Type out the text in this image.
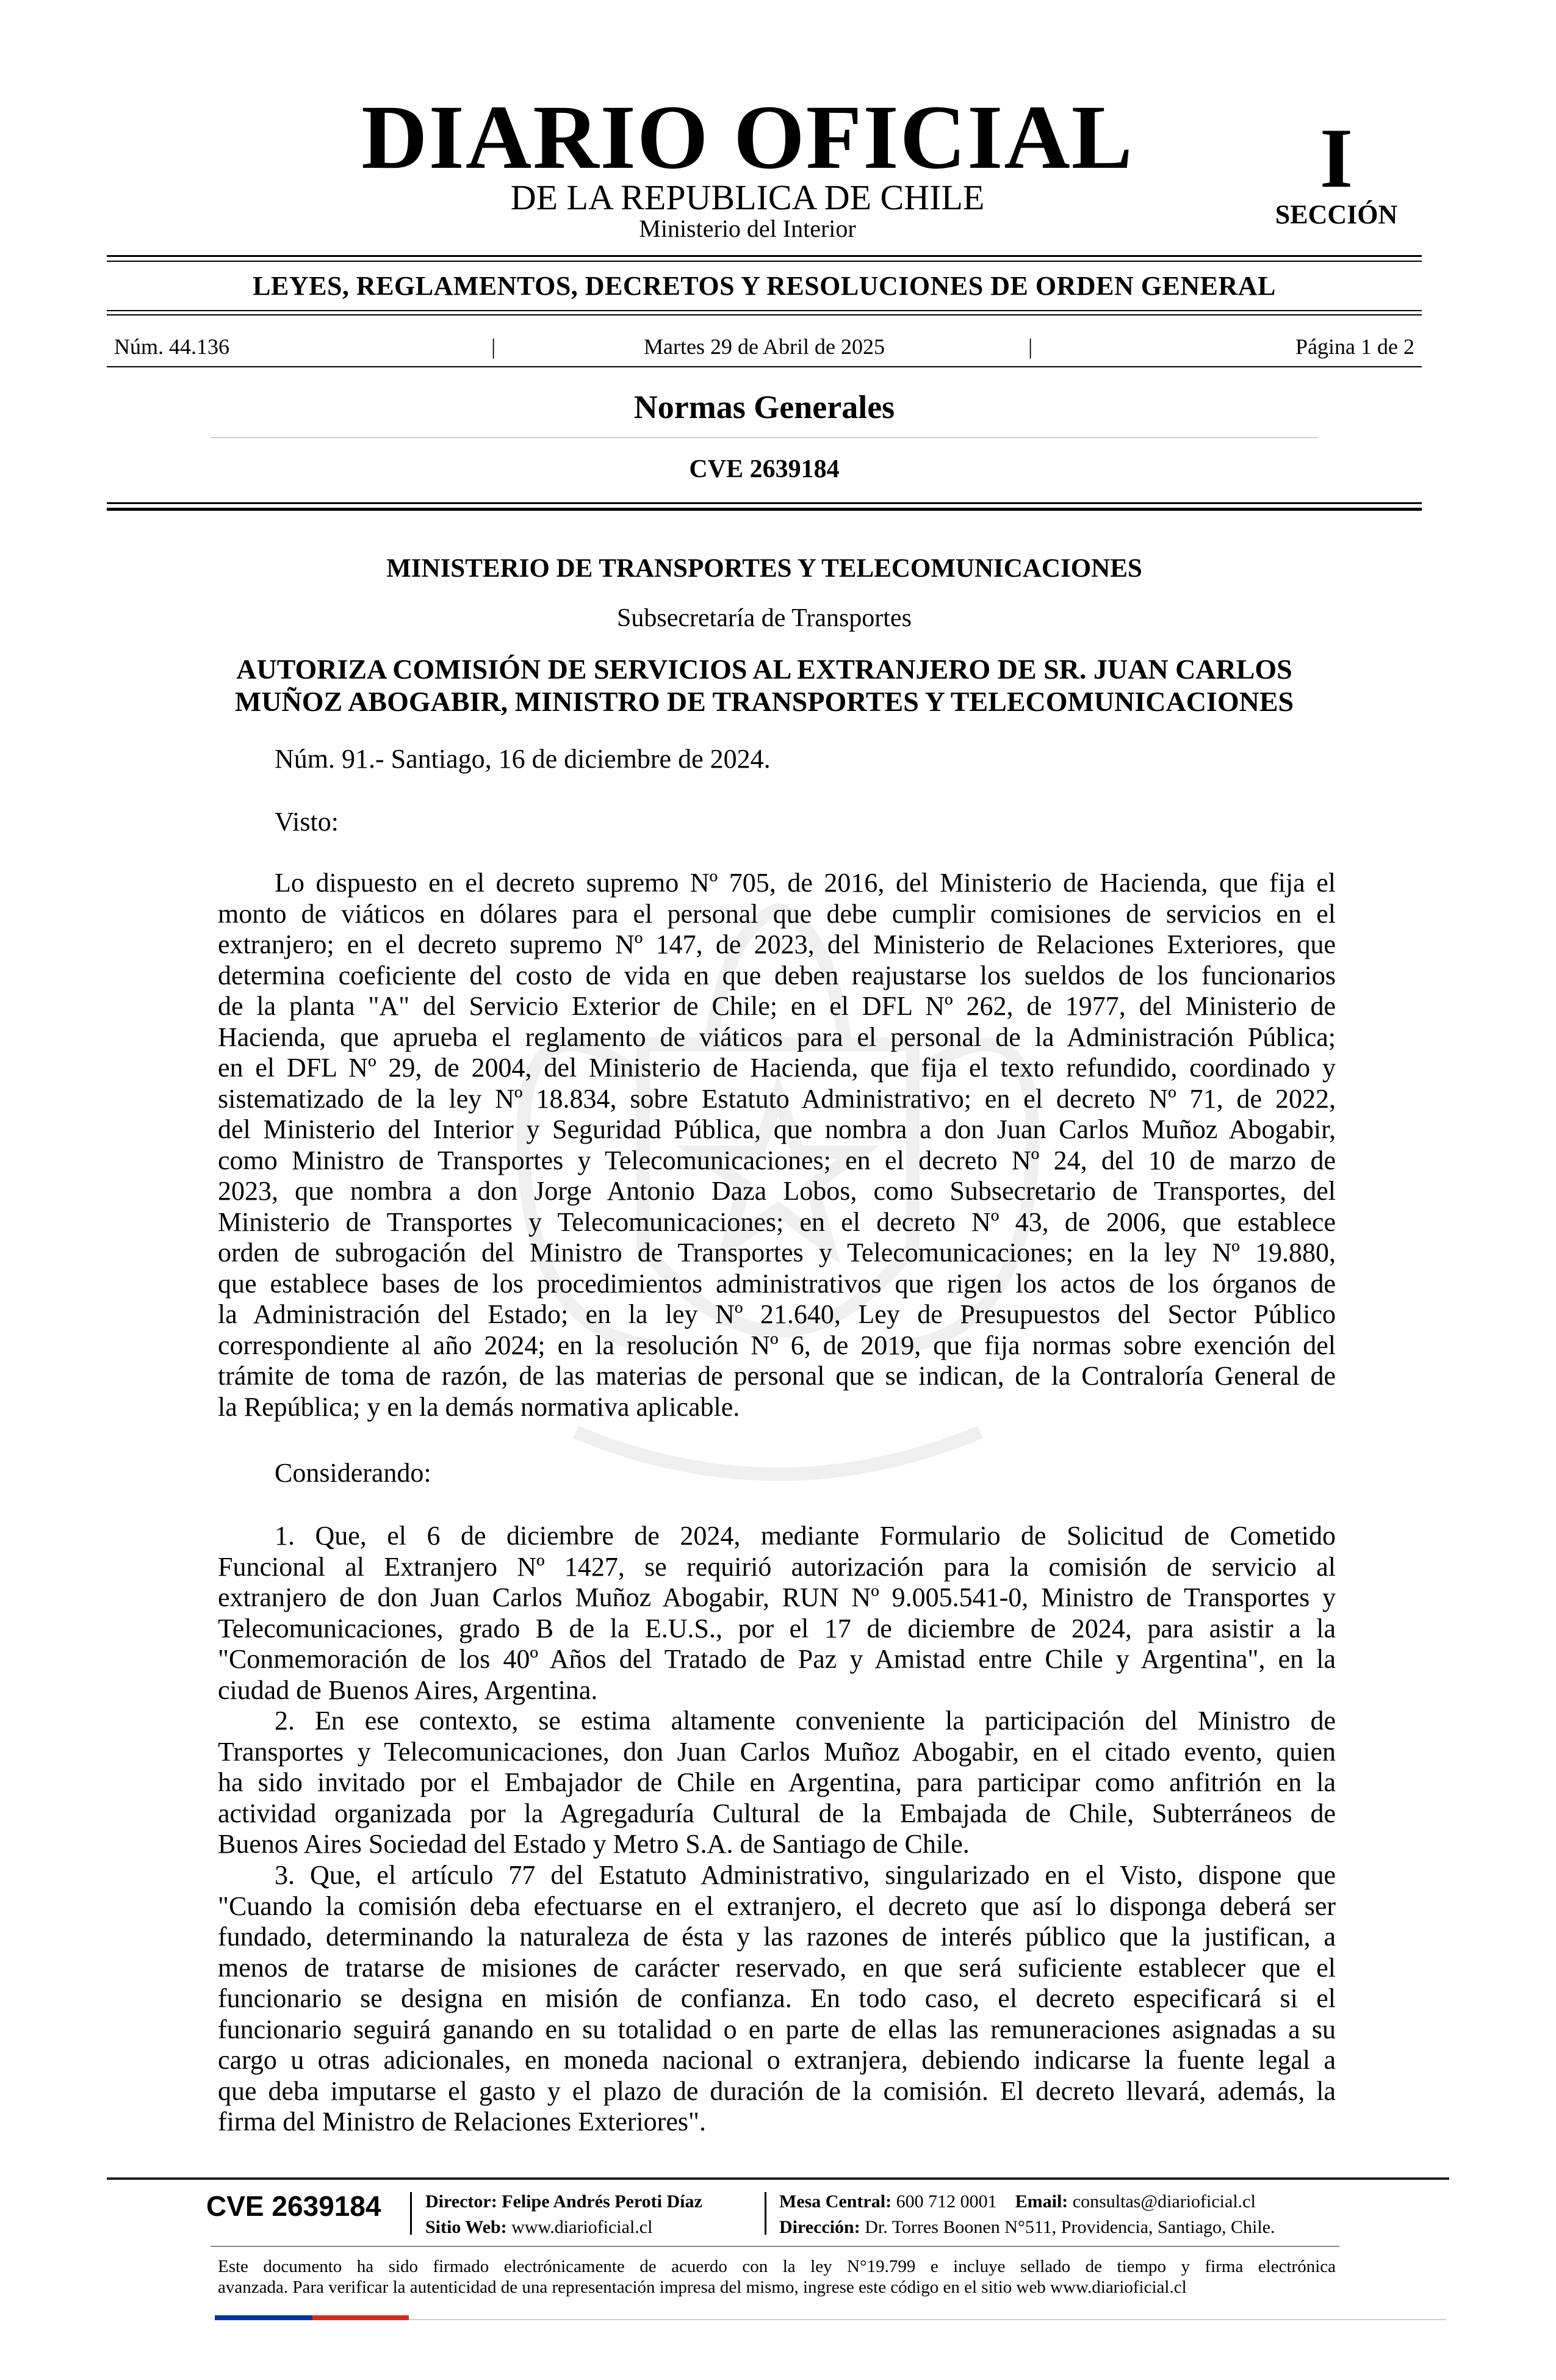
DIARIO OFICIAL
DE LA REPUBLICA DE CHILE
Ministerio del Interior
I
SECCIÓN
LEYES, REGLAMENTOS, DECRETOS Y RESOLUCIONES DE ORDEN GENERAL
Núm. 44.136	|	Martes 29 de Abril de 2025	|	Página 1 de 2
Normas Generales
CVE 2639184
MINISTERIO DE TRANSPORTES Y TELECOMUNICACIONES
Subsecretaría de Transportes
AUTORIZA COMISIÓN DE SERVICIOS AL EXTRANJERO DE SR. JUAN CARLOS
MUÑOZ ABOGABIR, MINISTRO DE TRANSPORTES Y TELECOMUNICACIONES
Núm. 91.- Santiago, 16 de diciembre de 2024.
Visto:
Lo dispuesto en el decreto supremo Nº 705, de 2016, del Ministerio de Hacienda, que fija el
monto de viáticos en dólares para el personal que debe cumplir comisiones de servicios en el
extranjero; en el decreto supremo Nº 147, de 2023, del Ministerio de Relaciones Exteriores, que
determina coeficiente del costo de vida en que deben reajustarse los sueldos de los funcionarios
de la planta "A" del Servicio Exterior de Chile; en el DFL Nº 262, de 1977, del Ministerio de
Hacienda, que aprueba el reglamento de viáticos para el personal de la Administración Pública;
en el DFL Nº 29, de 2004, del Ministerio de Hacienda, que fija el texto refundido, coordinado y
sistematizado de la ley Nº 18.834, sobre Estatuto Administrativo; en el decreto Nº 71, de 2022,
del Ministerio del Interior y Seguridad Pública, que nombra a don Juan Carlos Muñoz Abogabir,
como Ministro de Transportes y Telecomunicaciones; en el decreto Nº 24, del 10 de marzo de
2023, que nombra a don Jorge Antonio Daza Lobos, como Subsecretario de Transportes, del
Ministerio de Transportes y Telecomunicaciones; en el decreto Nº 43, de 2006, que establece
orden de subrogación del Ministro de Transportes y Telecomunicaciones; en la ley Nº 19.880,
que establece bases de los procedimientos administrativos que rigen los actos de los órganos de
la Administración del Estado; en la ley Nº 21.640, Ley de Presupuestos del Sector Público
correspondiente al año 2024; en la resolución Nº 6, de 2019, que fija normas sobre exención del
trámite de toma de razón, de las materias de personal que se indican, de la Contraloría General de
la República; y en la demás normativa aplicable.
Considerando:
1. Que, el 6 de diciembre de 2024, mediante Formulario de Solicitud de Cometido
Funcional al Extranjero Nº 1427, se requirió autorización para la comisión de servicio al
extranjero de don Juan Carlos Muñoz Abogabir, RUN Nº 9.005.541-0, Ministro de Transportes y
Telecomunicaciones, grado B de la E.U.S., por el 17 de diciembre de 2024, para asistir a la
"Conmemoración de los 40º Años del Tratado de Paz y Amistad entre Chile y Argentina", en la
ciudad de Buenos Aires, Argentina.
2. En ese contexto, se estima altamente conveniente la participación del Ministro de
Transportes y Telecomunicaciones, don Juan Carlos Muñoz Abogabir, en el citado evento, quien
ha sido invitado por el Embajador de Chile en Argentina, para participar como anfitrión en la
actividad organizada por la Agregaduría Cultural de la Embajada de Chile, Subterráneos de
Buenos Aires Sociedad del Estado y Metro S.A. de Santiago de Chile.
3. Que, el artículo 77 del Estatuto Administrativo, singularizado en el Visto, dispone que
"Cuando la comisión deba efectuarse en el extranjero, el decreto que así lo disponga deberá ser
fundado, determinando la naturaleza de ésta y las razones de interés público que la justifican, a
menos de tratarse de misiones de carácter reservado, en que será suficiente establecer que el
funcionario se designa en misión de confianza. En todo caso, el decreto especificará si el
funcionario seguirá ganando en su totalidad o en parte de ellas las remuneraciones asignadas a su
cargo u otras adicionales, en moneda nacional o extranjera, debiendo indicarse la fuente legal a
que deba imputarse el gasto y el plazo de duración de la comisión. El decreto llevará, además, la
firma del Ministro de Relaciones Exteriores".
CVE 2639184 Director: Felipe Andrés Peroti Díaz
Sitio Web: www.diarioficial.cl
Mesa Central: 600 712 0001 Email: consultas@diarioficial.cl
Dirección: Dr. Torres Boonen N°511, Providencia, Santiago, Chile.
Este documento ha sido firmado electrónicamente de acuerdo con la ley N°19.799 e incluye sellado de tiempo y firma electrónica
avanzada. Para verificar la autenticidad de una representación impresa del mismo, ingrese este código en el sitio web www.diarioficial.cl
